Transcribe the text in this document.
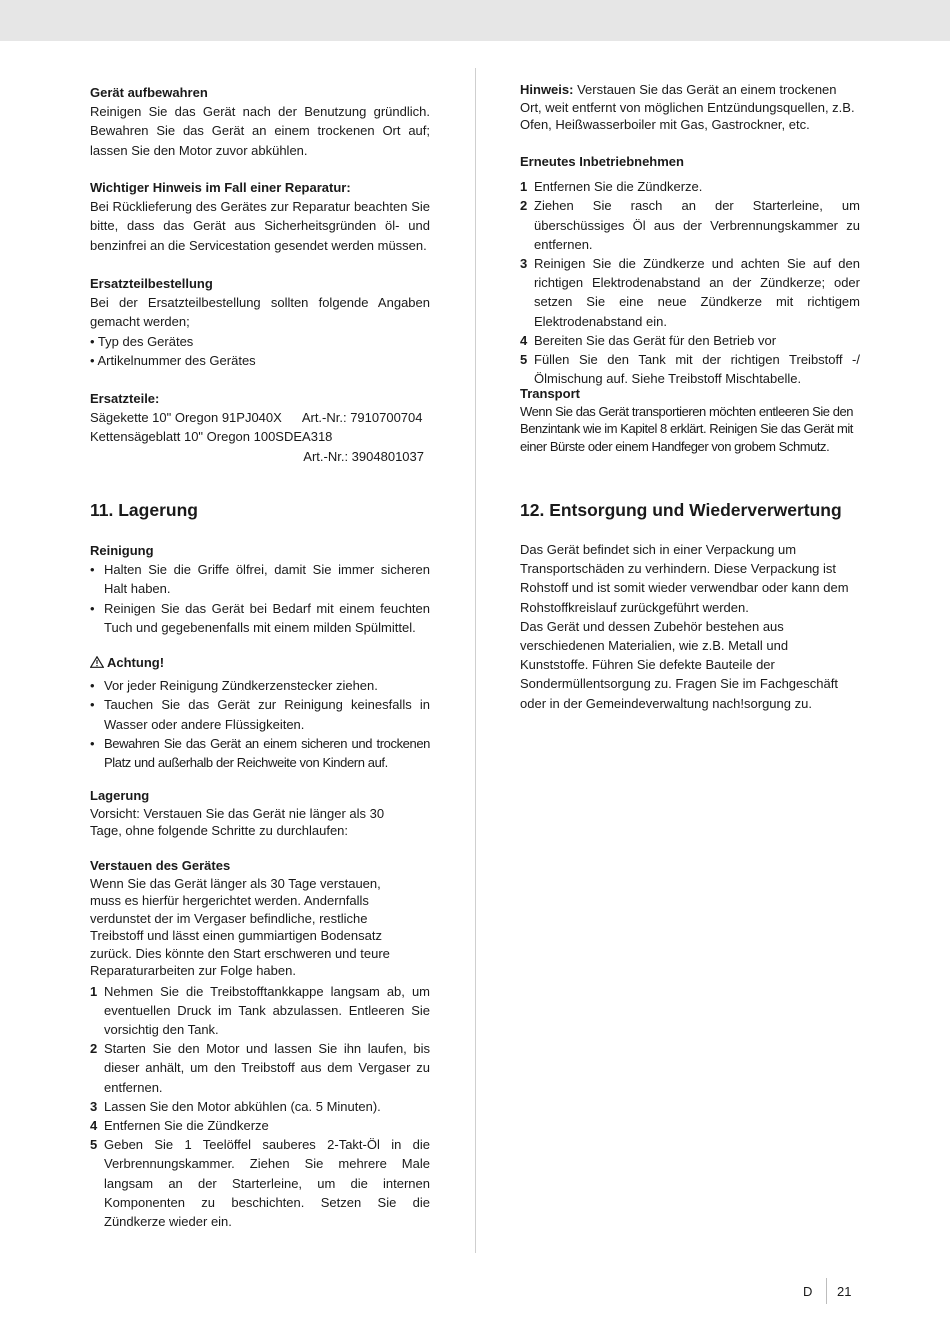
Gerät aufbewahren
Reinigen Sie das Gerät nach der Benutzung gründlich. Bewahren Sie das Gerät an einem trockenen Ort auf; lassen Sie den Motor zuvor abkühlen.
Wichtiger Hinweis im Fall einer Reparatur:
Bei Rücklieferung des Gerätes zur Reparatur beachten Sie bitte, dass das Gerät aus Sicherheitsgründen öl- und benzinfrei an die Servicestation gesendet werden müssen.
Ersatzteilbestellung
Bei der Ersatzteilbestellung sollten folgende Angaben gemacht werden;
• Typ des Gerätes
• Artikelnummer des Gerätes
Ersatzteile:
Sägekette 10" Oregon 91PJ040X Art.-Nr.: 7910700704
Kettensägeblatt 10" Oregon 100SDEA318
Art.-Nr.: 3904801037
11. Lagerung
Reinigung
• Halten Sie die Griffe ölfrei, damit Sie immer sicheren Halt haben.
• Reinigen Sie das Gerät bei Bedarf mit einem feuchten Tuch und gegebenenfalls mit einem milden Spülmittel.
Achtung!
• Vor jeder Reinigung Zündkerzenstecker ziehen.
• Tauchen Sie das Gerät zur Reinigung keinesfalls in Wasser oder andere Flüssigkeiten.
• Bewahren Sie das Gerät an einem sicheren und trockenen Platz und außerhalb der Reichweite von Kindern auf.
Lagerung
Vorsicht: Verstauen Sie das Gerät nie länger als 30 Tage, ohne folgende Schritte zu durchlaufen:
Verstauen des Gerätes
Wenn Sie das Gerät länger als 30 Tage verstauen, muss es hierfür hergerichtet werden. Andernfalls verdunstet der im Vergaser befindliche, restliche Treibstoff und lässt einen gummiartigen Bodensatz zurück. Dies könnte den Start erschweren und teure Reparaturarbeiten zur Folge haben.
1 Nehmen Sie die Treibstofftankkappe langsam ab, um eventuellen Druck im Tank abzulassen. Entleeren Sie vorsichtig den Tank.
2 Starten Sie den Motor und lassen Sie ihn laufen, bis dieser anhält, um den Treibstoff aus dem Vergaser zu entfernen.
3 Lassen Sie den Motor abkühlen (ca. 5 Minuten).
4 Entfernen Sie die Zündkerze
5 Geben Sie 1 Teelöffel sauberes 2-Takt-Öl in die Verbrennungskammer. Ziehen Sie mehrere Male langsam an der Starterleine, um die internen Komponenten zu beschichten. Setzen Sie die Zündkerze wieder ein.
Hinweis: Verstauen Sie das Gerät an einem trockenen Ort, weit entfernt von möglichen Entzündungsquellen, z.B. Ofen, Heißwasserboiler mit Gas, Gastrockner, etc.
Erneutes Inbetriebnehmen
1 Entfernen Sie die Zündkerze.
2 Ziehen Sie rasch an der Starterleine, um überschüssiges Öl aus der Verbrennungskammer zu entfernen.
3 Reinigen Sie die Zündkerze und achten Sie auf den richtigen Elektrodenabstand an der Zündkerze; oder setzen Sie eine neue Zündkerze mit richtigem Elektrodenabstand ein.
4 Bereiten Sie das Gerät für den Betrieb vor
5 Füllen Sie den Tank mit der richtigen Treibstoff -/ Ölmischung auf. Siehe Treibstoff Mischtabelle.
Transport
Wenn Sie das Gerät transportieren möchten entleeren Sie den Benzintank wie im Kapitel 8 erklärt. Reinigen Sie das Gerät mit einer Bürste oder einem Handfeger von grobem Schmutz.
12. Entsorgung und Wiederverwertung
Das Gerät befindet sich in einer Verpackung um Transportschäden zu verhindern. Diese Verpackung ist Rohstoff und ist somit wieder verwendbar oder kann dem Rohstoffkreislauf zurückgeführt werden.
Das Gerät und dessen Zubehör bestehen aus verschiedenen Materialien, wie z.B. Metall und Kunststoffe. Führen Sie defekte Bauteile der Sondermüllentsorgung zu. Fragen Sie im Fachgeschäft oder in der Gemeindeverwaltung nach!sorgung zu.
D 21
